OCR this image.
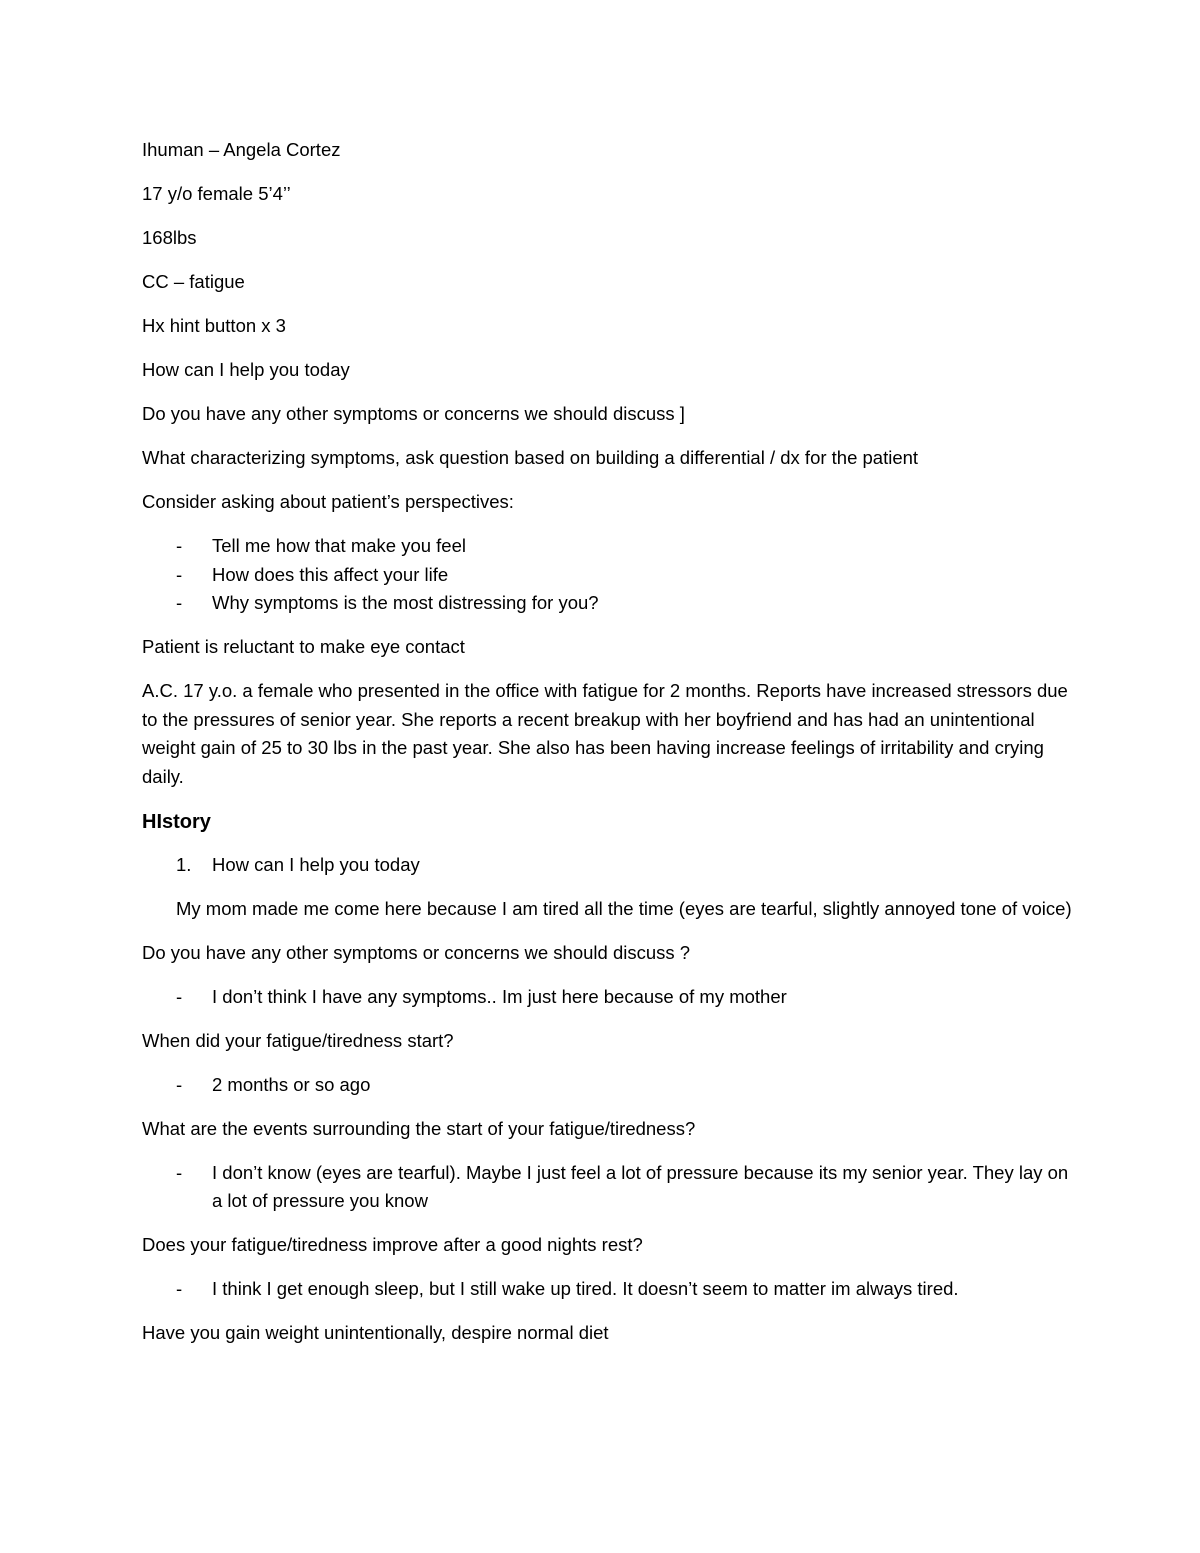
Ihuman – Angela Cortez

17 y/o female 5’4’’

168lbs

CC – fatigue

Hx hint button x 3

How can I help you today

Do you have any other symptoms or concerns we should discuss ]

What characterizing symptoms, ask question based on building a differential / dx for the patient

Consider asking about patient’s perspectives:

- Tell me how that make you feel
- How does this affect your life
- Why symptoms is the most distressing for you?

Patient is reluctant to make eye contact

A.C. 17 y.o. a female who presented in the office with fatigue for 2 months. Reports have increased stressors due to the pressures of senior year. She reports a recent breakup with her boyfriend and has had an unintentional weight gain of 25 to 30 lbs in the past year. She also has been having increase feelings of irritability and crying daily.

HIstory
1. How can I help you today

My mom made me come here because I am tired all the time (eyes are tearful, slightly annoyed tone of voice)

Do you have any other symptoms or concerns we should discuss ?

- I don’t think I have any symptoms.. Im just here because of my mother

When did your fatigue/tiredness start?

- 2 months or so ago

What are the events surrounding the start of your fatigue/tiredness?

- I don’t know (eyes are tearful). Maybe I just feel a lot of pressure because its my senior year. They lay on a lot of pressure you know

Does your fatigue/tiredness improve after a good nights rest?

- I think I get enough sleep, but I still wake up tired. It doesn’t seem to matter im always tired.

Have you gain weight unintentionally, despire normal diet
